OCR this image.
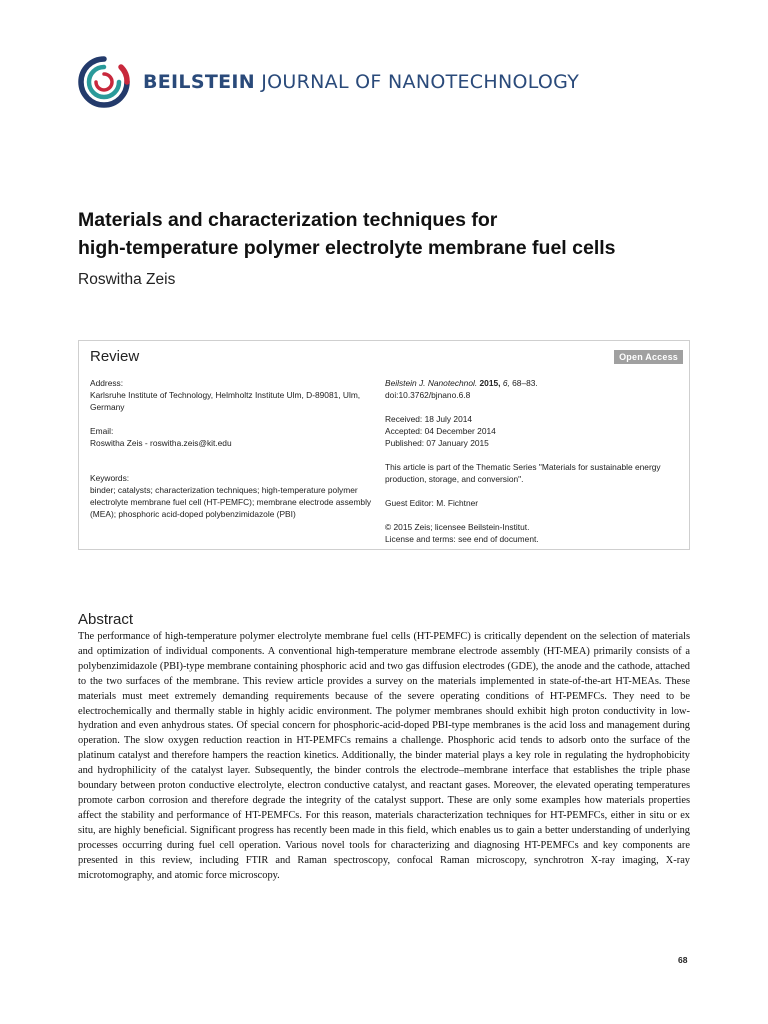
BEILSTEIN JOURNAL OF NANOTECHNOLOGY
Materials and characterization techniques for
high-temperature polymer electrolyte membrane fuel cells
Roswitha Zeis
Review	Open Access
Address:
Karlsruhe Institute of Technology, Helmholtz Institute Ulm, D-89081, Ulm, Germany
Email:
Roswitha Zeis - roswitha.zeis@kit.edu
Keywords:
binder; catalysts; characterization techniques; high-temperature polymer electrolyte membrane fuel cell (HT-PEMFC); membrane electrode assembly (MEA); phosphoric acid-doped polybenzimidazole (PBI)
Beilstein J. Nanotechnol. 2015, 6, 68–83.
doi:10.3762/bjnano.6.8
Received: 18 July 2014
Accepted: 04 December 2014
Published: 07 January 2015
This article is part of the Thematic Series "Materials for sustainable energy production, storage, and conversion".
Guest Editor: M. Fichtner
© 2015 Zeis; licensee Beilstein-Institut.
License and terms: see end of document.
Abstract
The performance of high-temperature polymer electrolyte membrane fuel cells (HT-PEMFC) is critically dependent on the selection of materials and optimization of individual components. A conventional high-temperature membrane electrode assembly (HT-MEA) primarily consists of a polybenzimidazole (PBI)-type membrane containing phosphoric acid and two gas diffusion electrodes (GDE), the anode and the cathode, attached to the two surfaces of the membrane. This review article provides a survey on the materials implemented in state-of-the-art HT-MEAs. These materials must meet extremely demanding requirements because of the severe operating conditions of HT-PEMFCs. They need to be electrochemically and thermally stable in highly acidic environment. The polymer membranes should exhibit high proton conductivity in low-hydration and even anhydrous states. Of special concern for phosphoric-acid-doped PBI-type membranes is the acid loss and management during operation. The slow oxygen reduction reaction in HT-PEMFCs remains a challenge. Phosphoric acid tends to adsorb onto the surface of the platinum catalyst and therefore hampers the reaction kinetics. Additionally, the binder material plays a key role in regulating the hydrophobicity and hydrophilicity of the catalyst layer. Subsequently, the binder controls the electrode–membrane interface that establishes the triple phase boundary between proton conductive electrolyte, electron conductive catalyst, and reactant gases. Moreover, the elevated operating temperatures promote carbon corrosion and therefore degrade the integrity of the catalyst support. These are only some examples how materials properties affect the stability and performance of HT-PEMFCs. For this reason, materials characterization techniques for HT-PEMFCs, either in situ or ex situ, are highly beneficial. Significant progress has recently been made in this field, which enables us to gain a better understanding of underlying processes occurring during fuel cell operation. Various novel tools for characterizing and diagnosing HT-PEMFCs and key components are presented in this review, including FTIR and Raman spectroscopy, confocal Raman microscopy, synchrotron X-ray imaging, X-ray microtomography, and atomic force microscopy.
68
